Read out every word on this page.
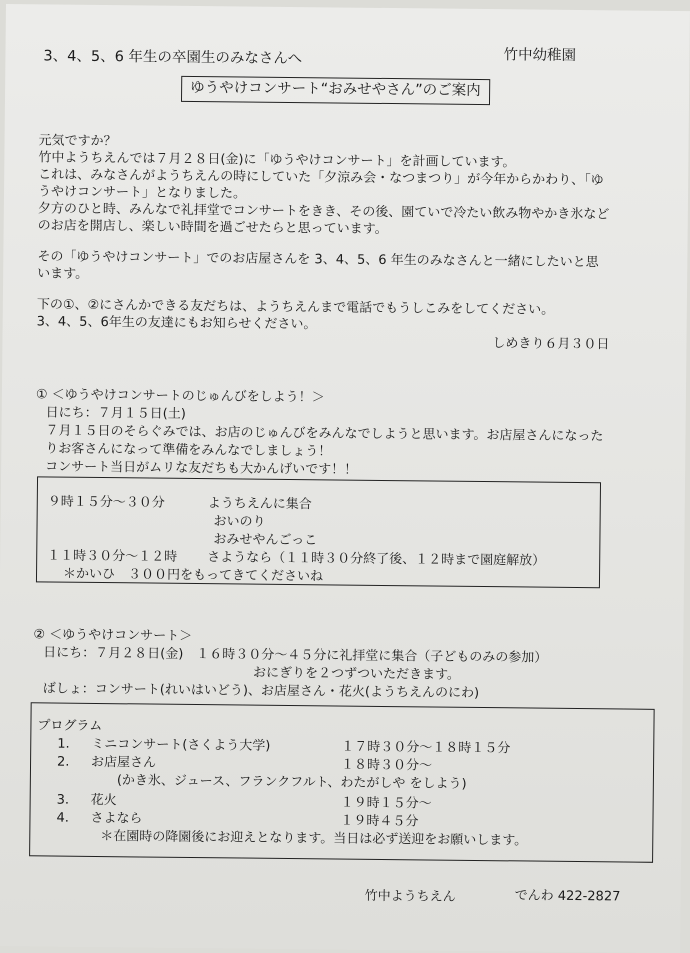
3、4、5、6 年生の卒園生のみなさんへ	竹中幼稚園
ゆうやけコンサート“おみせやさん”のご案内
元気ですか？
竹中ようちえんでは７月２８日(金)に「ゆうやけコンサート」を計画しています。
これは、みなさんがようちえんの時にしていた「夕涼み会・なつまつり」が今年からかわり、「ゆ
うやけコンサート」となりました。
夕方のひと時、みんなで礼拝堂でコンサートをきき、その後、園ていで冷たい飲み物やかき氷など
のお店を開店し、楽しい時間を過ごせたらと思っています。
その「ゆうやけコンサート」でのお店屋さんを 3、4、5、6 年生のみなさんと一緒にしたいと思
います。
下の①、②にさんかできる友だちは、ようちえんまで電話でもうしこみをしてください。
3、4、5、6年生の友達にもお知らせください。
しめきり６月３０日
① ＜ゆうやけコンサートのじゅんびをしよう！＞
日にち：７月１５日(土)
７月１５日のそらぐみでは、お店のじゅんびをみんなでしようと思います。お店屋さんになった
りお客さんになって準備をみんなでしましょう！
コンサート当日がムリな友だちも大かんげいです！！
９時１５分～３０分	ようちえんに集合
おいのり
おみせやんごっこ
１１時３０分～１２時 さようなら（１１時３０分終了後、１２時まで園庭解放）
＊かいひ　３００円をもってきてくださいね
② ＜ゆうやけコンサート＞
日にち：７月２８日(金)　１６時３０分～４５分に礼拝堂に集合（子どものみの参加）
おにぎりを２つずついただきます。
ばしょ：コンサート(れいはいどう)、お店屋さん・花火(ようちえんのにわ)
プログラム
1. ミニコンサート(さくよう大学)	１７時３０分～１８時１５分
2. お店屋さん	１８時３０分～
(かき氷、ジュース、フランクフルト、わたがしや をしよう)
3. 花火	１９時１５分～
4. さよなら	１９時４５分
＊在園時の降園後にお迎えとなります。当日は必ず送迎をお願いします。
竹中ようちえん	でんわ 422-2827
